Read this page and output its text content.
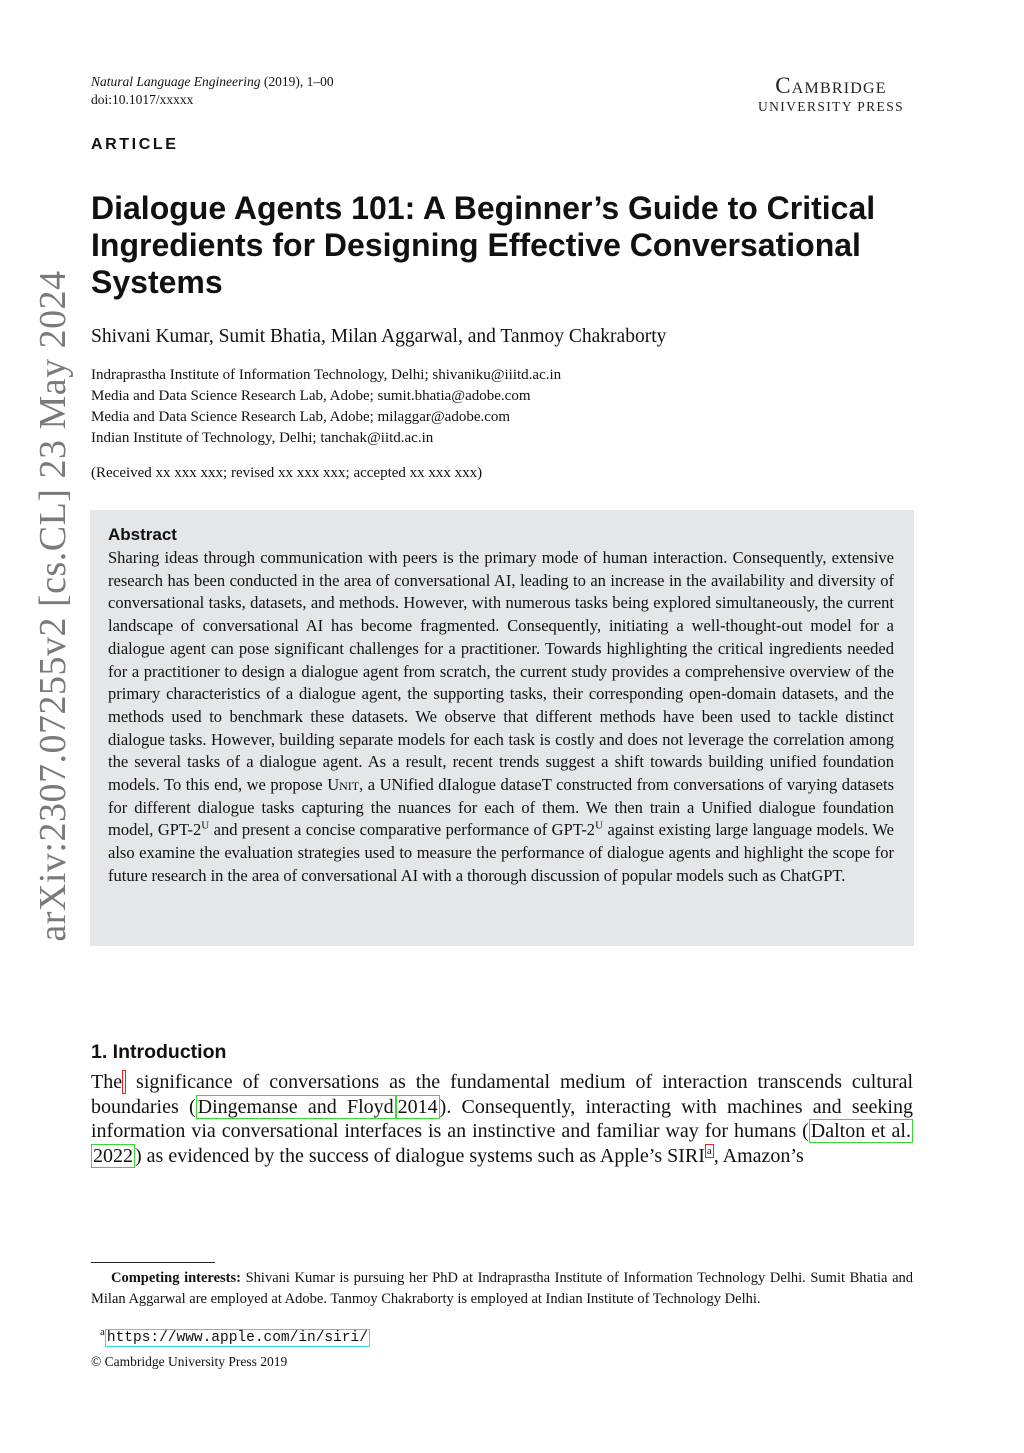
arXiv:2307.07255v2 [cs.CL] 23 May 2024
Natural Language Engineering (2019), 1–00
doi:10.1017/xxxxx
Cambridge
UNIVERSITY PRESS
ARTICLE
Dialogue Agents 101: A Beginner’s Guide to Critical Ingredients for Designing Effective Conversational Systems
Shivani Kumar, Sumit Bhatia, Milan Aggarwal, and Tanmoy Chakraborty
Indraprastha Institute of Information Technology, Delhi; shivaniku@iiitd.ac.in
Media and Data Science Research Lab, Adobe; sumit.bhatia@adobe.com
Media and Data Science Research Lab, Adobe; milaggar@adobe.com
Indian Institute of Technology, Delhi; tanchak@iitd.ac.in
(Received xx xxx xxx; revised xx xxx xxx; accepted xx xxx xxx)
Abstract

Sharing ideas through communication with peers is the primary mode of human interaction. Consequently, extensive research has been conducted in the area of conversational AI, leading to an increase in the availability and diversity of conversational tasks, datasets, and methods. However, with numerous tasks being explored simultaneously, the current landscape of conversational AI has become fragmented. Consequently, initiating a well-thought-out model for a dialogue agent can pose significant challenges for a practitioner. Towards highlighting the critical ingredients needed for a practitioner to design a dialogue agent from scratch, the current study provides a comprehensive overview of the primary characteristics of a dialogue agent, the supporting tasks, their corresponding open-domain datasets, and the methods used to benchmark these datasets. We observe that different methods have been used to tackle distinct dialogue tasks. However, building separate models for each task is costly and does not leverage the correlation among the several tasks of a dialogue agent. As a result, recent trends suggest a shift towards building unified foundation models. To this end, we propose Unit, a UNified dIalogue dataseT constructed from conversations of varying datasets for different dialogue tasks capturing the nuances for each of them. We then train a Unified dialogue foundation model, GPT-$2^U$ and present a concise comparative performance of GPT-$2^U$ against existing large language models. We also examine the evaluation strategies used to measure the performance of dialogue agents and highlight the scope for future research in the area of conversational AI with a thorough discussion of popular models such as ChatGPT.

1. Introduction

The significance of conversations as the fundamental medium of interaction transcends cultural boundaries ( Dingemanse and Floyd 2014 ). Consequently, interacting with machines and seeking information via conversational interfaces is an instinctive and familiar way for humans ( Dalton et al. 2022 ) as evidenced by the success of dialogue systems such as Apple’s SIRI $^a$ , Amazon’s

Competing interests: Shivani Kumar is pursuing her PhD at Indraprastha Institute of Information Technology Delhi. Sumit Bhatia and Milan Aggarwal are employed at Adobe. Tanmoy Chakraborty is employed at Indian Institute of Technology Delhi.

$^a$ https://www.apple.com/in/siri/
© Cambridge University Press 2019
